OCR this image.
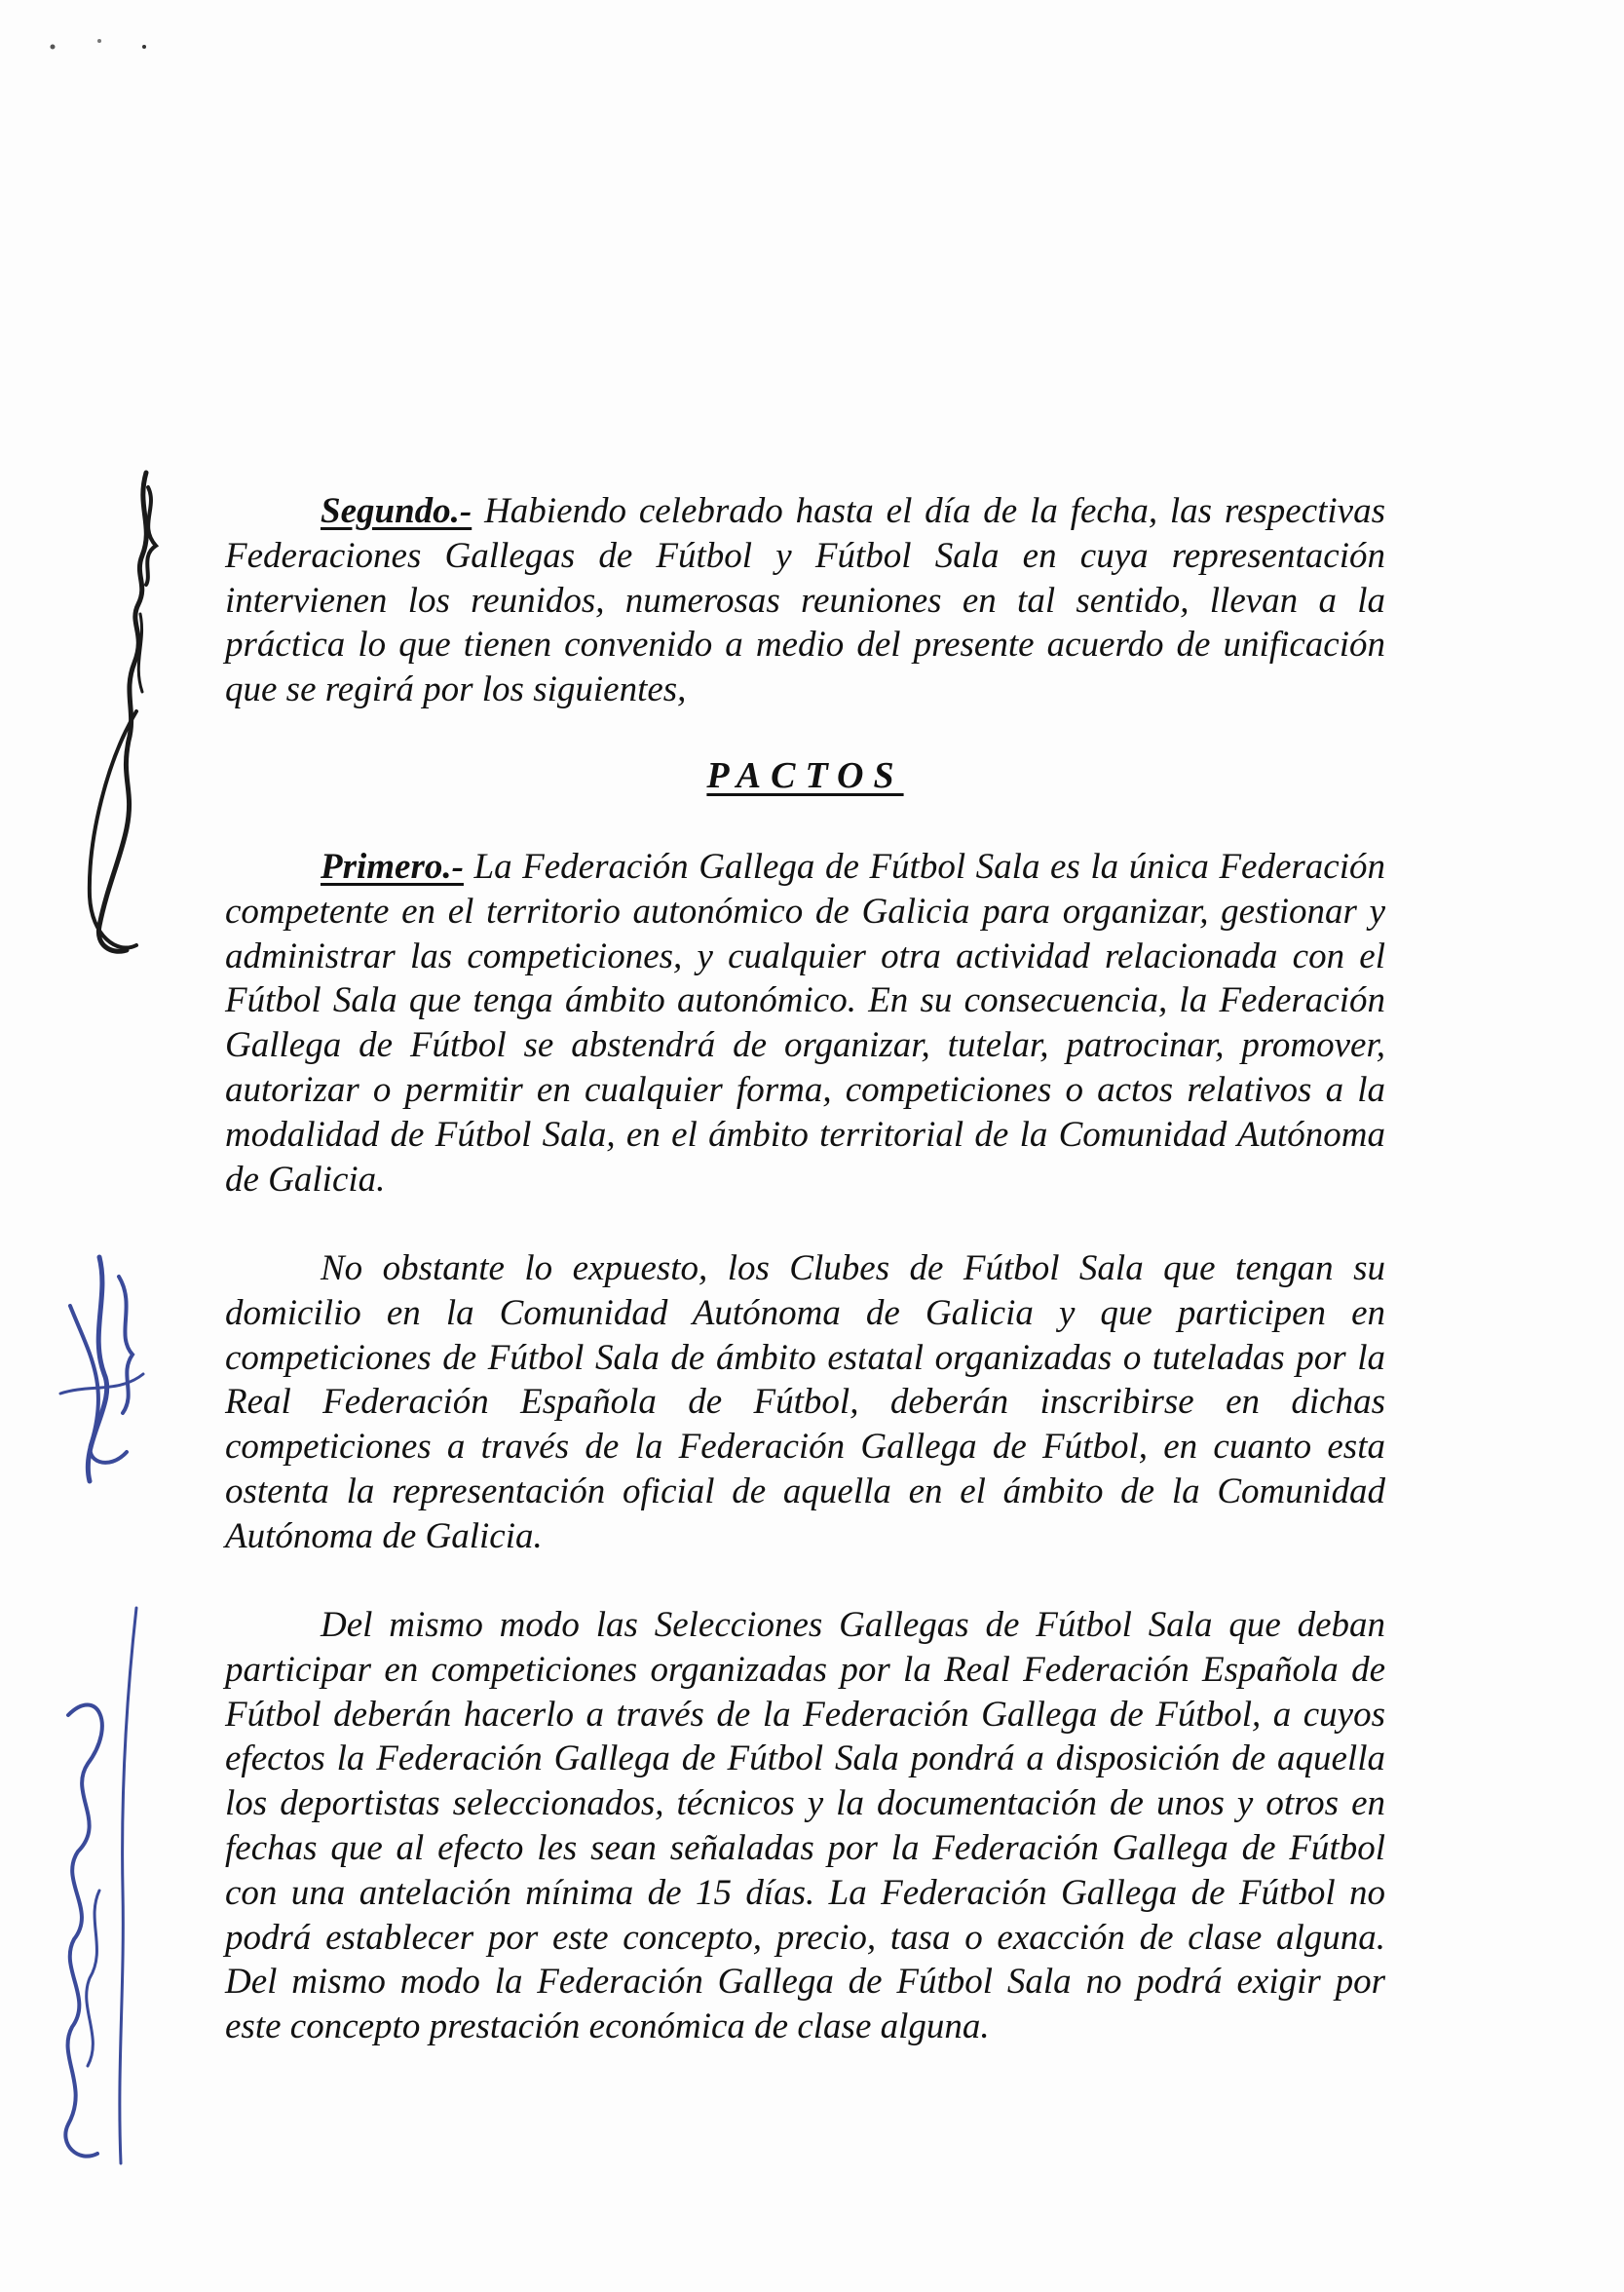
Segundo.- Habiendo celebrado hasta el día de la fecha, las respectivas Federaciones Gallegas de Fútbol y Fútbol Sala en cuya representación intervienen los reunidos, numerosas reuniones en tal sentido, llevan a la práctica lo que tienen convenido a medio del presente acuerdo de unificación que se regirá por los siguientes,

PACTOS

Primero.- La Federación Gallega de Fútbol Sala es la única Federación competente en el territorio autonómico de Galicia para organizar, gestionar y administrar las competiciones, y cualquier otra actividad relacionada con el Fútbol Sala que tenga ámbito autonómico. En su consecuencia, la Federación Gallega de Fútbol se abstendrá de organizar, tutelar, patrocinar, promover, autorizar o permitir en cualquier forma, competiciones o actos relativos a la modalidad de Fútbol Sala, en el ámbito territorial de la Comunidad Autónoma de Galicia.

No obstante lo expuesto, los Clubes de Fútbol Sala que tengan su domicilio en la Comunidad Autónoma de Galicia y que participen en competiciones de Fútbol Sala de ámbito estatal organizadas o tuteladas por la Real Federación Española de Fútbol, deberán inscribirse en dichas competiciones a través de la Federación Gallega de Fútbol, en cuanto esta ostenta la representación oficial de aquella en el ámbito de la Comunidad Autónoma de Galicia.

Del mismo modo las Selecciones Gallegas de Fútbol Sala que deban participar en competiciones organizadas por la Real Federación Española de Fútbol deberán hacerlo a través de la Federación Gallega de Fútbol, a cuyos efectos la Federación Gallega de Fútbol Sala pondrá a disposición de aquella los deportistas seleccionados, técnicos y la documentación de unos y otros en fechas que al efecto les sean señaladas por la Federación Gallega de Fútbol con una antelación mínima de 15 días. La Federación Gallega de Fútbol no podrá establecer por este concepto, precio, tasa o exacción de clase alguna. Del mismo modo la Federación Gallega de Fútbol Sala no podrá exigir por este concepto prestación económica de clase alguna.
